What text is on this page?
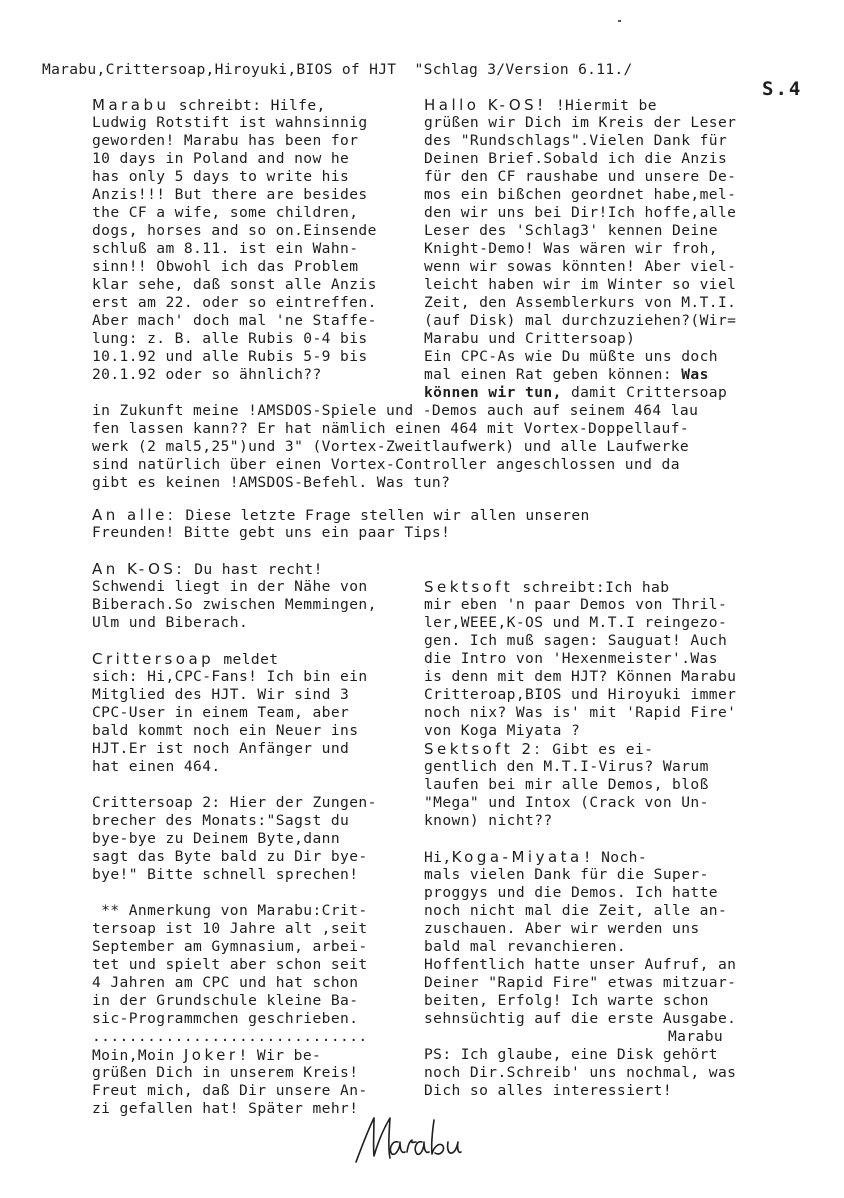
Marabu,Crittersoap,Hiroyuki,BIOS of HJT  "Schlag 3/Version 6.11./
S.4
Marabu schreibt: Hilfe,
Ludwig Rotstift ist wahnsinnig
geworden! Marabu has been for
10 days in Poland and now he
has only 5 days to write his
Anzis!!! But there are besides
the CF a wife, some children,
dogs, horses and so on.Einsende
schluß am 8.11. ist ein Wahn-
sinn!! Obwohl ich das Problem
klar sehe, daß sonst alle Anzis
erst am 22. oder so eintreffen.
Aber mach' doch mal 'ne Staffe-
lung: z. B. alle Rubis 0-4 bis
10.1.92 und alle Rubis 5-9 bis
20.1.92 oder so ähnlich??
Hallo K-OS! !Hiermit be
grüßen wir Dich im Kreis der Leser
des "Rundschlags".Vielen Dank für
Deinen Brief.Sobald ich die Anzis
für den CF raushabe und unsere De-
mos ein bißchen geordnet habe,mel-
den wir uns bei Dir!Ich hoffe,alle
Leser des 'Schlag3' kennen Deine
Knight-Demo! Was wären wir froh,
wenn wir sowas könnten! Aber viel-
leicht haben wir im Winter so viel
Zeit, den Assemblerkurs von M.T.I.
(auf Disk) mal durchzuziehen?(Wir=
Marabu und Crittersoap)
Ein CPC-As wie Du müßte uns doch
mal einen Rat geben können: Was
können wir tun, damit Crittersoap
in Zukunft meine !AMSDOS-Spiele und -Demos auch auf seinem 464 lau
fen lassen kann?? Er hat nämlich einen 464 mit Vortex-Doppellauf-
werk (2 mal5,25")und 3" (Vortex-Zweitlaufwerk) und alle Laufwerke
sind natürlich über einen Vortex-Controller angeschlossen und da
gibt es keinen !AMSDOS-Befehl. Was tun?
An alle: Diese letzte Frage stellen wir allen unseren
Freunden! Bitte gebt uns ein paar Tips!
An K-OS: Du hast recht!
Schwendi liegt in der Nähe von
Biberach.So zwischen Memmingen,
Ulm und Biberach.
Crittersoap meldet
sich: Hi,CPC-Fans! Ich bin ein
Mitglied des HJT. Wir sind 3
CPC-User in einem Team, aber
bald kommt noch ein Neuer ins
HJT.Er ist noch Anfänger und
hat einen 464.
Crittersoap 2: Hier der Zungen-
brecher des Monats:"Sagst du
bye-bye zu Deinem Byte,dann
sagt das Byte bald zu Dir bye-
bye!" Bitte schnell sprechen!
** Anmerkung von Marabu:Crit-
tersoap ist 10 Jahre alt ,seit
September am Gymnasium, arbei-
tet und spielt aber schon seit
4 Jahren am CPC und hat schon
in der Grundschule kleine Ba-
sic-Programmchen geschrieben.
..............................
Moin,Moin Joker! Wir be-
grüßen Dich in unserem Kreis!
Freut mich, daß Dir unsere An-
zi gefallen hat! Später mehr!
Sektsoft schreibt:Ich hab
mir eben 'n paar Demos von Thril-
ler,WEEE,K-OS und M.T.I reingezo-
gen. Ich muß sagen: Sauguat! Auch
die Intro von 'Hexenmeister'.Was
is denn mit dem HJT? Können Marabu
Critteroap,BIOS und Hiroyuki immer
noch nix? Was is' mit 'Rapid Fire'
von Koga Miyata ?
Sektsoft 2: Gibt es ei-
gentlich den M.T.I-Virus? Warum
laufen bei mir alle Demos, bloß
"Mega" und Intox (Crack von Un-
known) nicht??
Hi,Koga-Miyata! Noch-
mals vielen Dank für die Super-
proggys und die Demos. Ich hatte
noch nicht mal die Zeit, alle an-
zuschauen. Aber wir werden uns
bald mal revanchieren.
Hoffentlich hatte unser Aufruf, an
Deiner "Rapid Fire" etwas mitzuar-
beiten, Erfolg! Ich warte schon
sehnsüchtig auf die erste Ausgabe.
Marabu
PS: Ich glaube, eine Disk gehört
noch Dir.Schreib' uns nochmal, was
Dich so alles interessiert!
